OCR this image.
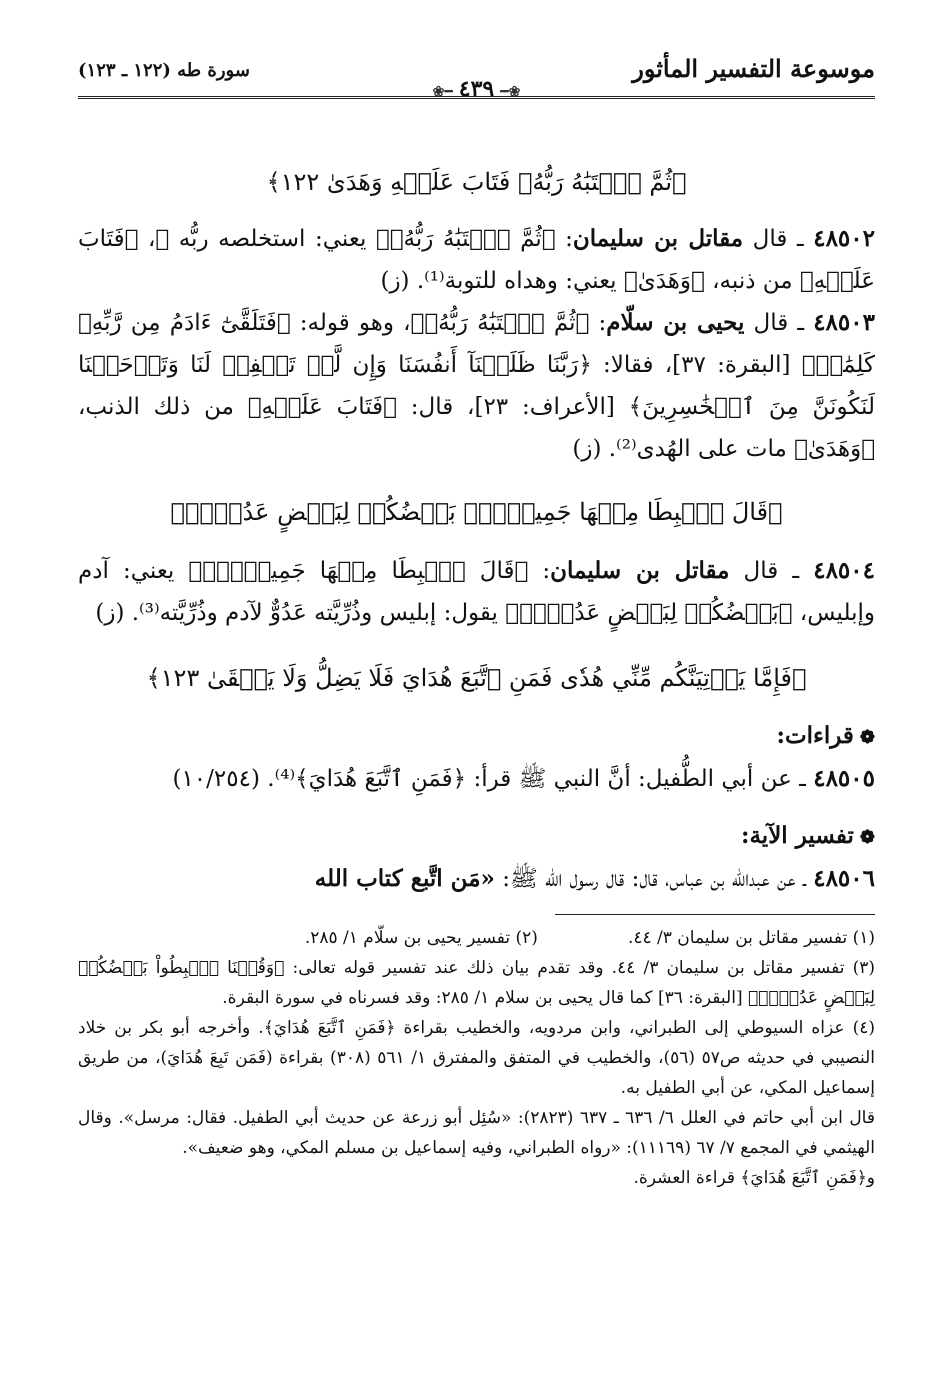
موسوعة التفسير المأثور
❀━٤٣٩━❀
سورة طه (١٢٢ ـ ١٢٣)

﴿ثُمَّ ٱجۡتَبَٰهُ رَبُّهُۥ فَتَابَ عَلَيۡهِ وَهَدَىٰ ١٢٢﴾

٤٨٥٠٢ ـ قال مقاتل بن سليمان: ﴿ثُمَّ ٱجۡتَبَٰهُ رَبُّهُۥ﴾ يعني: استخلصه ربُّه ﷻ، ﴿فَتَابَ عَلَيۡهِ﴾ من ذنبه، ﴿وَهَدَىٰ﴾ يعني: وهداه للتوبة⁽¹⁾. (ز)

٤٨٥٠٣ ـ قال يحيى بن سلّام: ﴿ثُمَّ ٱجۡتَبَٰهُ رَبُّهُۥ﴾، وهو قوله: ﴿فَتَلَقَّىٰٓ ءَادَمُ مِن رَّبِّهِۦ كَلِمَٰتٖ﴾ [البقرة: ٣٧]، فقالا: ﴿رَبَّنَا ظَلَمۡنَآ أَنفُسَنَا وَإِن لَّمۡ تَغۡفِرۡ لَنَا وَتَرۡحَمۡنَا لَنَكُونَنَّ مِنَ ٱلۡخَٰسِرِينَ﴾ [الأعراف: ٢٣]، قال: ﴿فَتَابَ عَلَيۡهِ﴾ من ذلك الذنب، ﴿وَهَدَىٰ﴾ مات على الهُدى⁽²⁾. (ز)

﴿قَالَ ٱهۡبِطَا مِنۡهَا جَمِيعَۢاۖ بَعۡضُكُمۡ لِبَعۡضٍ عَدُوّٞۖ﴾

٤٨٥٠٤ ـ قال مقاتل بن سليمان: ﴿قَالَ ٱهۡبِطَا مِنۡهَا جَمِيعَۢاۖ﴾ يعني: آدم وإبليس، ﴿بَعۡضُكُمۡ لِبَعۡضٍ عَدُوّٞۖ﴾ يقول: إبليس وذُرِّيَّته عَدُوٌّ لآدم وذُرِّيَّته⁽³⁾. (ز)

﴿فَإِمَّا يَأۡتِيَنَّكُم مِّنِّي هُدٗى فَمَنِ ٱتَّبَعَ هُدَايَ فَلَا يَضِلُّ وَلَا يَشۡقَىٰ ١٢٣﴾

❁قراءات:

٤٨٥٠٥ ـ عن أبي الطُّفيل: أنَّ النبي ﷺ قرأ: ﴿فَمَنِ ٱتَّبَعَ هُدَايَ﴾⁽⁴⁾. (١٠/٢٥٤)

❁تفسير الآية:

٤٨٥٠٦ ـ عن عبدالله بن عباس، قال: قال رسول الله ﷺ: «مَن اتَّبع كتاب الله

(١) تفسير مقاتل بن سليمان ٣/ ٤٤.

(٢) تفسير يحيى بن سلّام ١/ ٢٨٥.

(٣) تفسير مقاتل بن سليمان ٣/ ٤٤. وقد تقدم بيان ذلك عند تفسير قوله تعالى: ﴿وَقُلۡنَا ٱهۡبِطُواْ بَعۡضُكُمۡ لِبَعۡضٍ عَدُوّٞۖ﴾ [البقرة: ٣٦] كما قال يحيى بن سلام ١/ ٢٨٥: وقد فسرناه في سورة البقرة.

(٤) عزاه السيوطي إلى الطبراني، وابن مردويه، والخطيب بقراءة ﴿فَمَنِ ٱتَّبَعَ هُدَايَ﴾. وأخرجه أبو بكر بن خلاد النصيبي في حديثه ص٥٧ (٥٦)، والخطيب في المتفق والمفترق ١/ ٥٦١ (٣٠٨) بقراءة (فَمَن تَبِعَ هُدَايَ)، من طريق إسماعيل المكي، عن أبي الطفيل به.

قال ابن أبي حاتم في العلل ٦/ ٦٣٦ ـ ٦٣٧ (٢٨٢٣): «سُئِل أبو زرعة عن حديث أبي الطفيل. فقال: مرسل». وقال الهيثمي في المجمع ٧/ ٦٧ (١١١٦٩): «رواه الطبراني، وفيه إسماعيل بن مسلم المكي، وهو ضعيف».

و﴿فَمَنِ ٱتَّبَعَ هُدَايَ﴾ قراءة العشرة.
